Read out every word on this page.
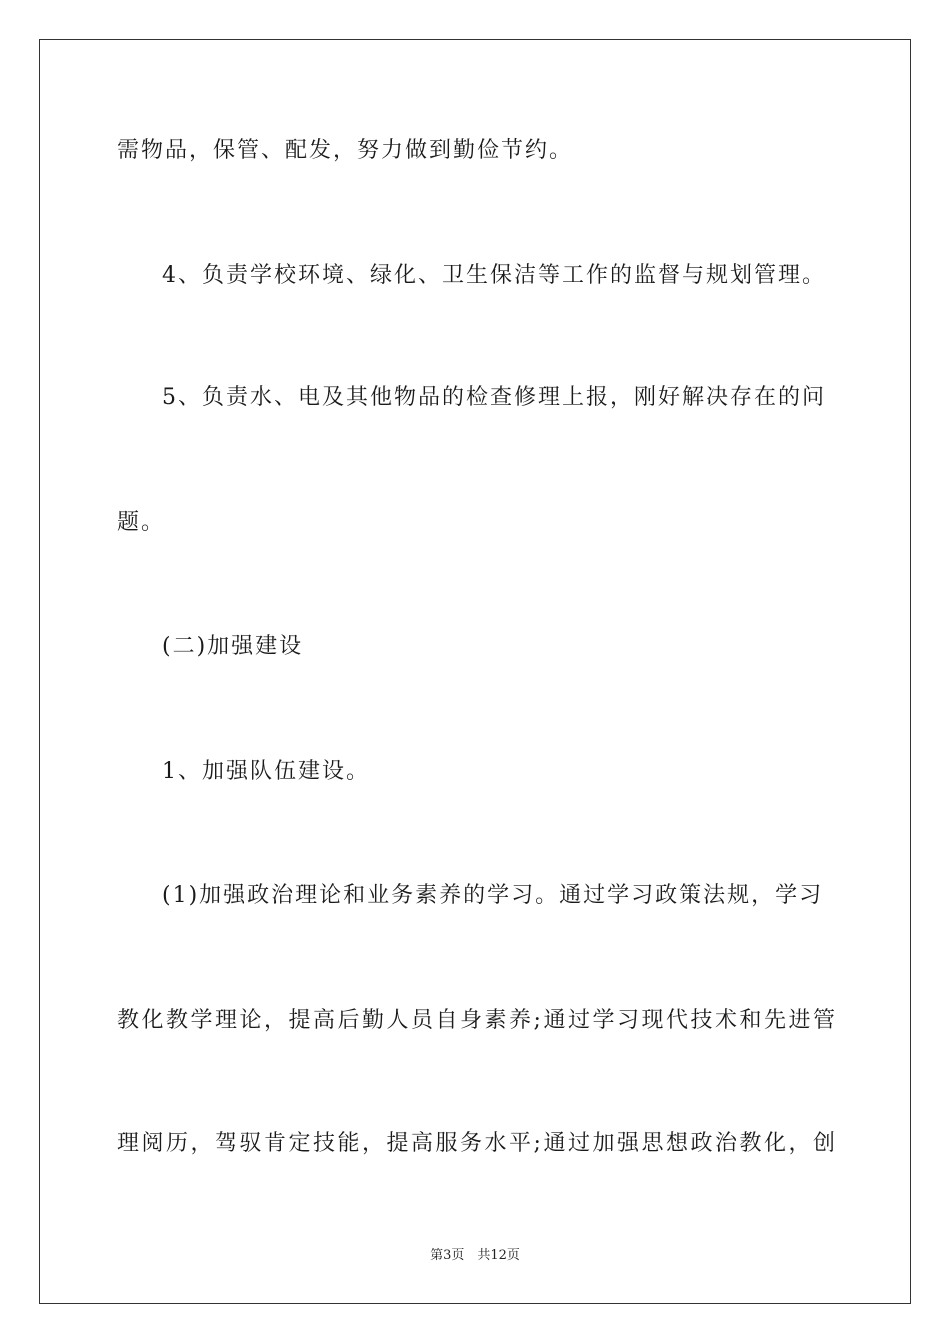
需物品，保管、配发，努力做到勤俭节约。
4、负责学校环境、绿化、卫生保洁等工作的监督与规划管理。
5、负责水、电及其他物品的检查修理上报，刚好解决存在的问
题。
(二)加强建设
1、加强队伍建设。
(1)加强政治理论和业务素养的学习。通过学习政策法规，学习
教化教学理论，提高后勤人员自身素养;通过学习现代技术和先进管
理阅历，驾驭肯定技能，提高服务水平;通过加强思想政治教化，创
第3页　共12页
